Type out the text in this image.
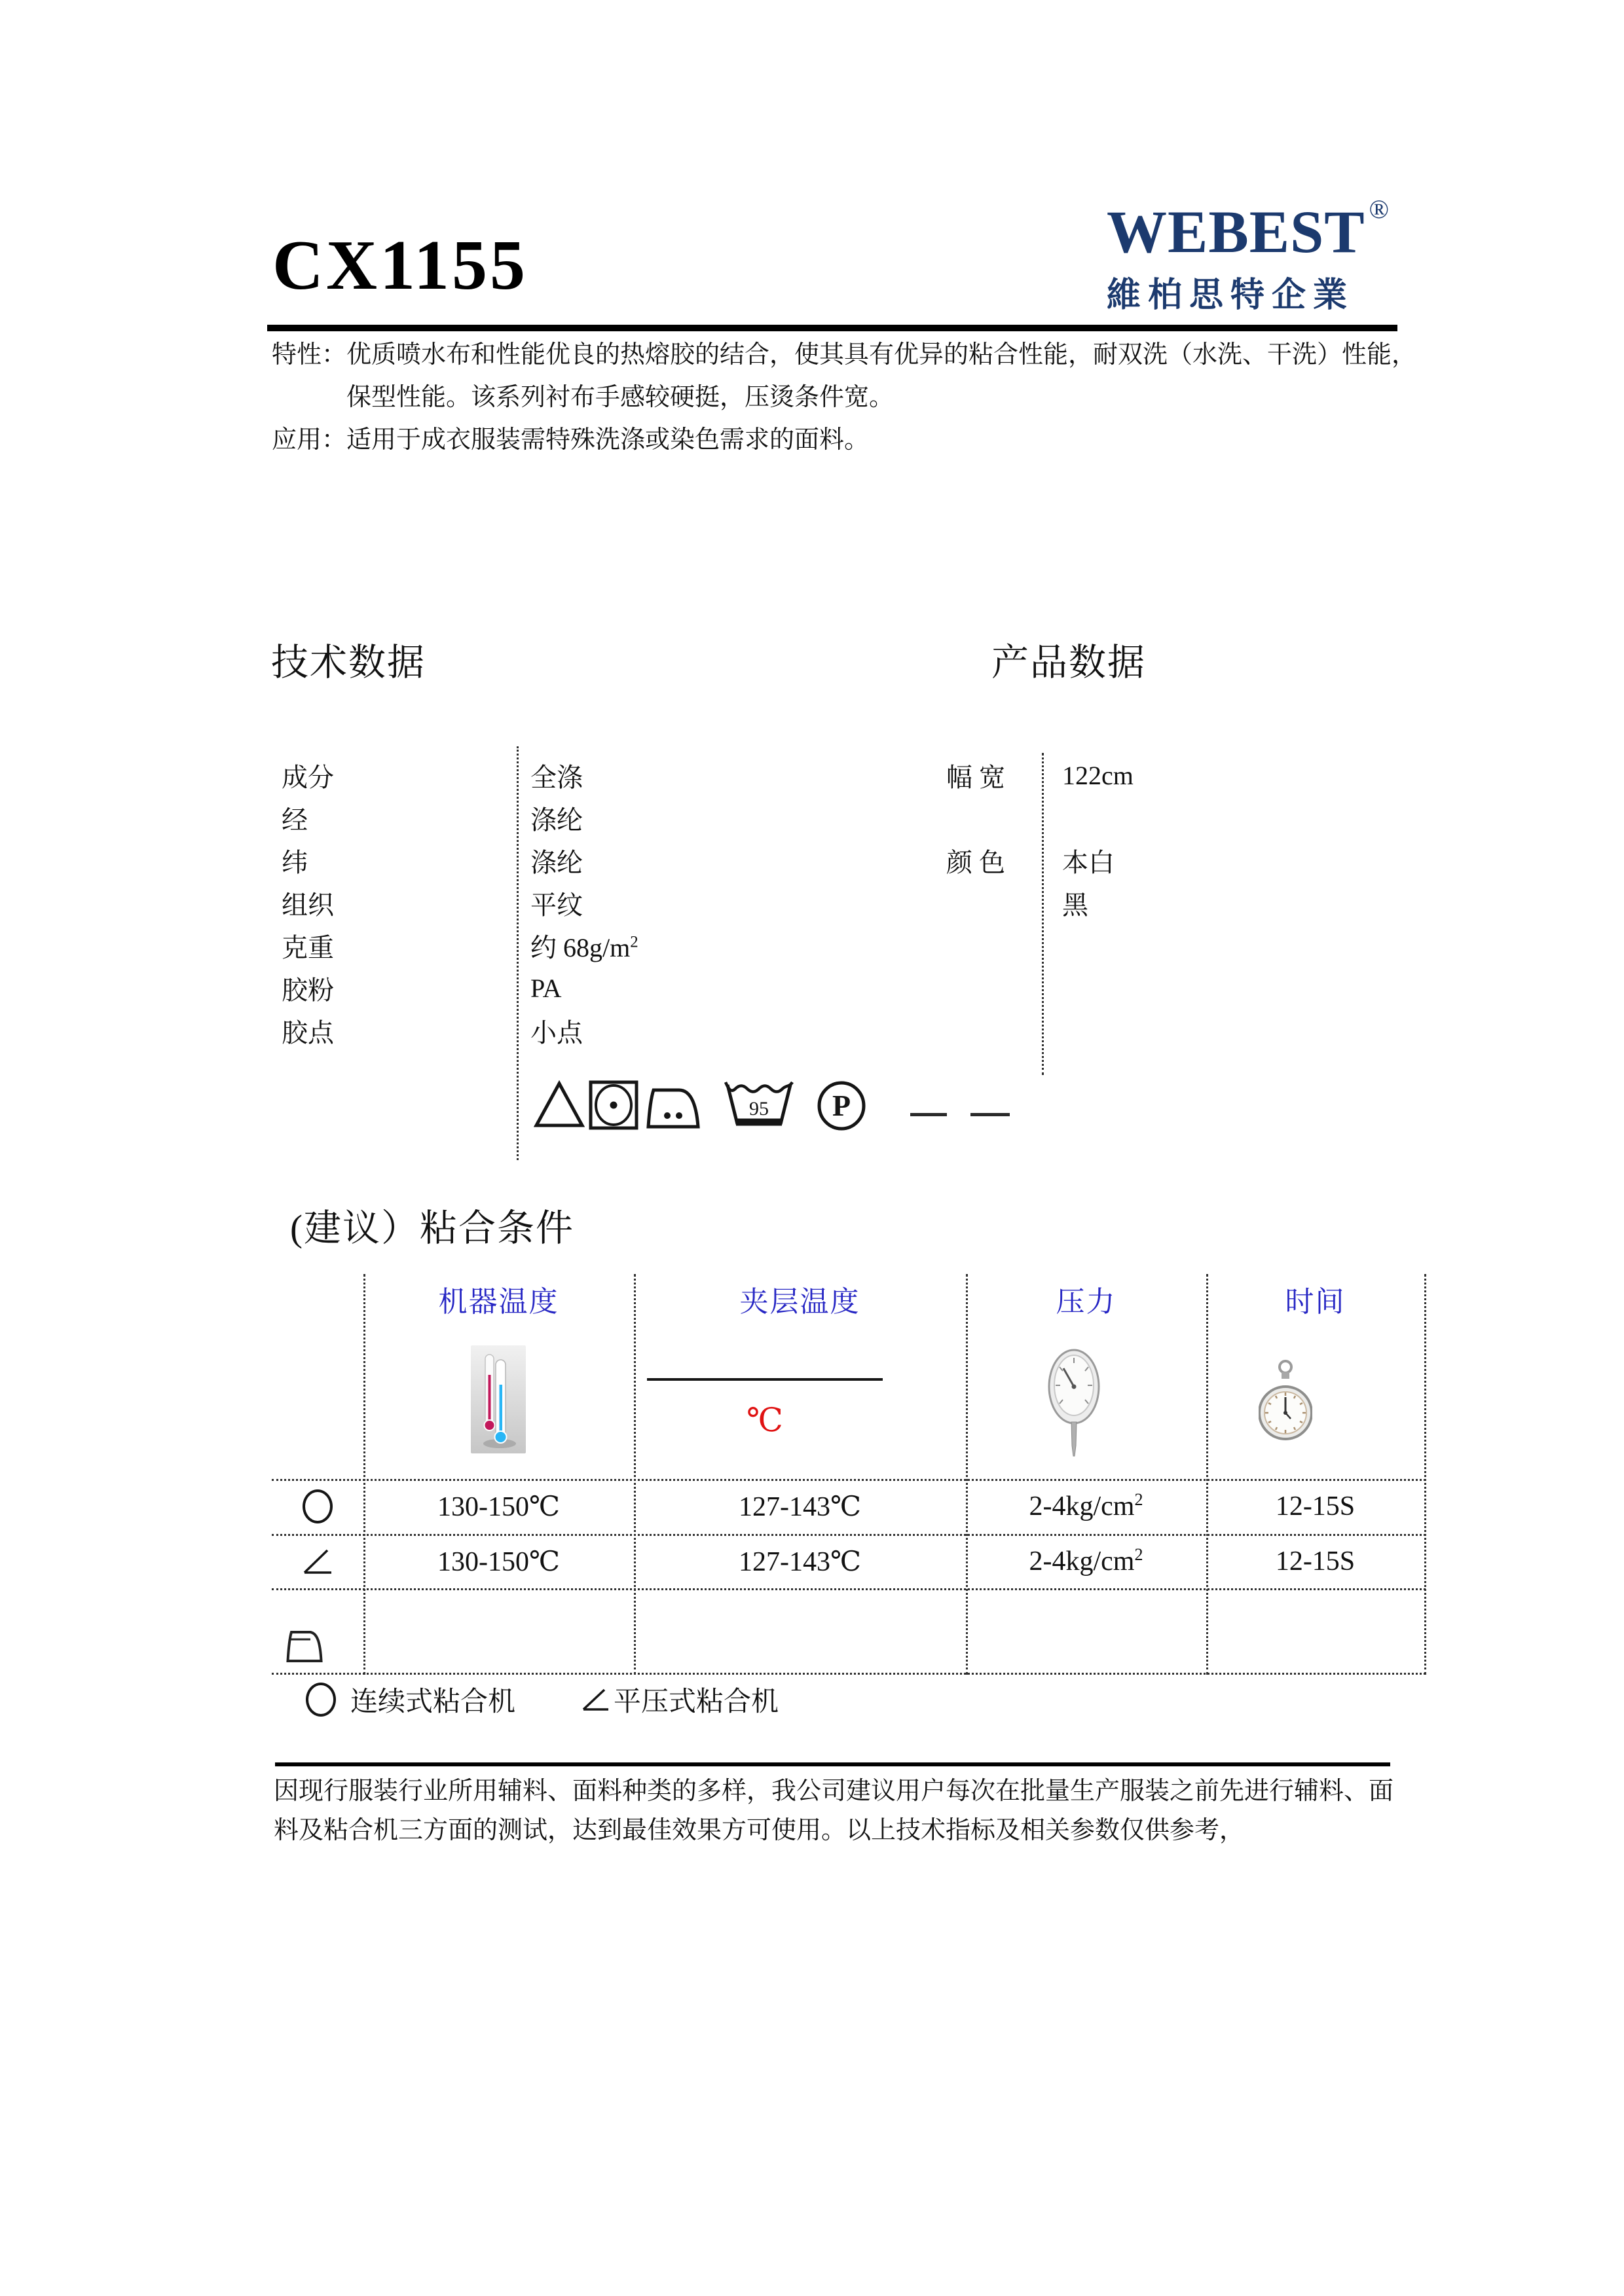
CX1155	WEBEST ®
維柏思特企業
特性：优质喷水布和性能优良的热熔胶的结合，使其具有优异的粘合性能，耐双洗（水洗、干洗）性能，
保型性能。该系列衬布手感较硬挺，压烫条件宽。
应用：适用于成衣服装需特殊洗涤或染色需求的面料。
技术数据	产品数据
成分	全涤
经	涤纶
纬	涤纶
组织	平纹
克重	约 $68g/m^2$
胶粉	PA
胶点	小点
幅 宽	122cm
颜 色	本白
黑
95 P
(建议）粘合条件
机器温度	夹层温度	压力	时间
℃
130-150℃	127-143℃	$2-4kg/cm^2$	12-15S
130-150℃	127-143℃	$2-4kg/cm^2$	12-15S
连续式粘合机	平压式粘合机
因现行服装行业所用辅料、面料种类的多样，我公司建议用户每次在批量生产服装之前先进行辅料、面
料及粘合机三方面的测试，达到最佳效果方可使用。以上技术指标及相关参数仅供参考，
